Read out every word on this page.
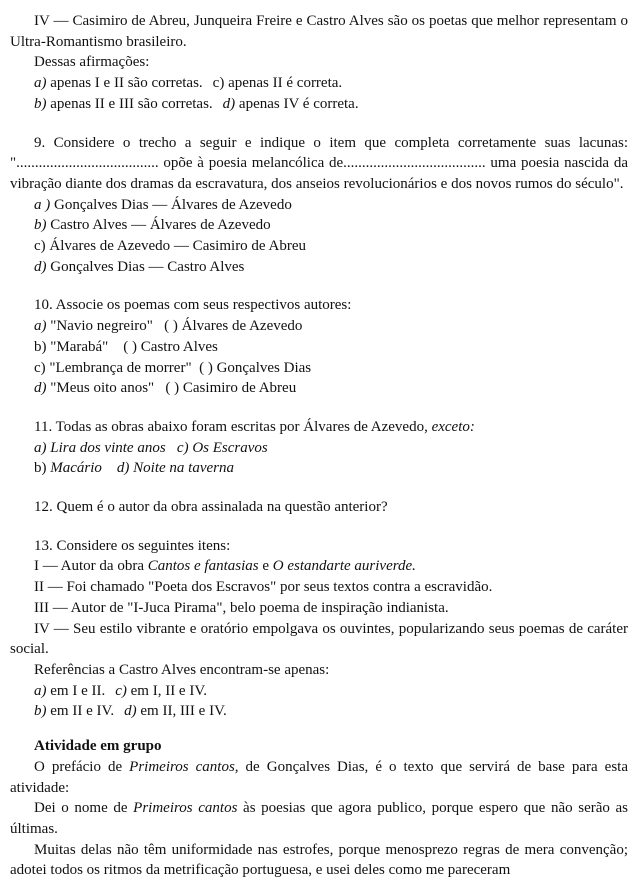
IV — Casimiro de Abreu, Junqueira Freire e Castro Alves são os poetas que melhor representam o Ultra-Romantismo brasileiro.

Dessas afirmações:

a) apenas I e II são corretas. c) apenas II é correta.

b) apenas II e III são corretas. d) apenas IV é correta.

9. Considere o trecho a seguir e indique o item que completa corretamente suas lacunas: "...................................... opõe à poesia melancólica de...................................... uma poesia nascida da vibração diante dos dramas da escravatura, dos anseios revolucionários e dos novos rumos do século".

a ) Gonçalves Dias — Álvares de Azevedo

b) Castro Alves — Álvares de Azevedo

c) Álvares de Azevedo — Casimiro de Abreu

d) Gonçalves Dias — Castro Alves

10. Associe os poemas com seus respectivos autores:

a) "Navio negreiro"   ( ) Álvares de Azevedo

b) "Marabá"    ( ) Castro Alves

c) "Lembrança de morrer"  ( ) Gonçalves Dias

d) "Meus oito anos"   ( ) Casimiro de Abreu

11. Todas as obras abaixo foram escritas por Álvares de Azevedo, exceto:

a) Lira dos vinte anos   c) Os Escravos

b) Macário    d) Noite na taverna

12. Quem é o autor da obra assinalada na questão anterior?

13. Considere os seguintes itens:

I — Autor da obra Cantos e fantasias e O estandarte auriverde.

II — Foi chamado "Poeta dos Escravos" por seus textos contra a escravidão.

III — Autor de "I-Juca Pirama", belo poema de inspiração indianista.

IV — Seu estilo vibrante e oratório empolgava os ouvintes, popularizando seus poemas de caráter social.

Referências a Castro Alves encontram-se apenas:

a) em I e II. c) em I, II e IV.

b) em II e IV. d) em II, III e IV.

Atividade em grupo

O prefácio de Primeiros cantos, de Gonçalves Dias, é o texto que servirá de base para esta atividade:

Dei o nome de Primeiros cantos às poesias que agora publico, porque espero que não serão as últimas.

Muitas delas não têm uniformidade nas estrofes, porque menosprezo regras de mera convenção; adotei todos os ritmos da metrificação portuguesa, e usei deles como me pareceram
